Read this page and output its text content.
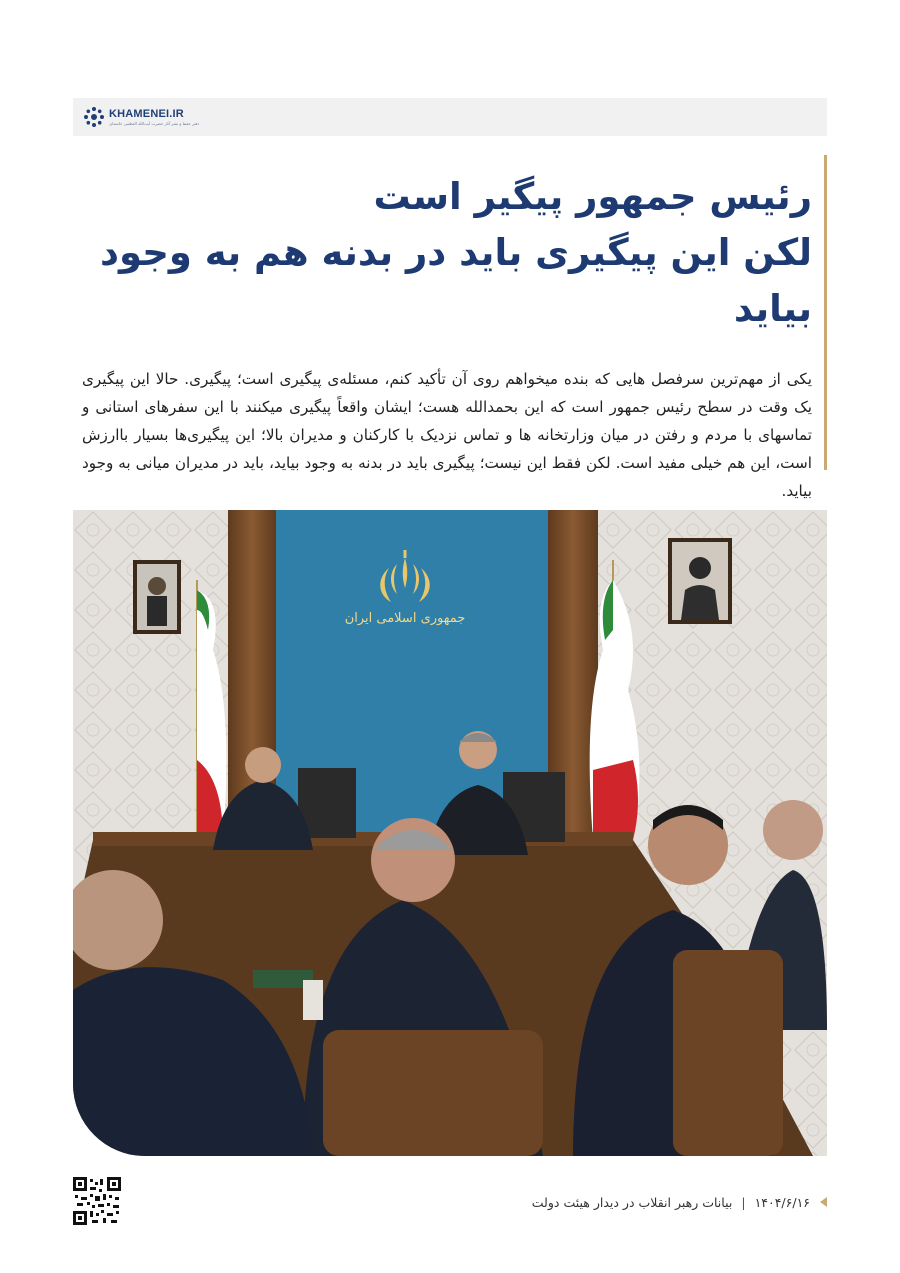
KHAMENEI.IR
دفتر حفظ و نشر آثار حضرت آیت‌الله العظمی خامنه‌ای
رئیس جمهور پیگیر است
لکن این پیگیری باید در بدنه هم به وجود بیاید

یکی از مهم‌ترین سرفصل هایی که بنده میخواهم روی آن تأکید کنم، مسئله‌ی پیگیری است؛ پیگیری. حالا این پیگیری یک وقت در سطح رئیس جمهور است که این بحمدالله هست؛ ایشان واقعاً پیگیری میکنند با این سفرهای استانی و تماسهای با مردم و رفتن در میان وزارتخانه ها و تماس نزدیک با کارکنان و مدیران بالا؛ این پیگیری‌ها بسیار باارزش است، این هم خیلی مفید است. لکن فقط این نیست؛ پیگیری باید در بدنه به وجود بیاید، باید در مدیران میانی به وجود بیاید.

جمهوری اسلامی ایران
۱۴۰۴/۶/۱۶
|
بیانات رهبر انقلاب در دیدار هیئت دولت
